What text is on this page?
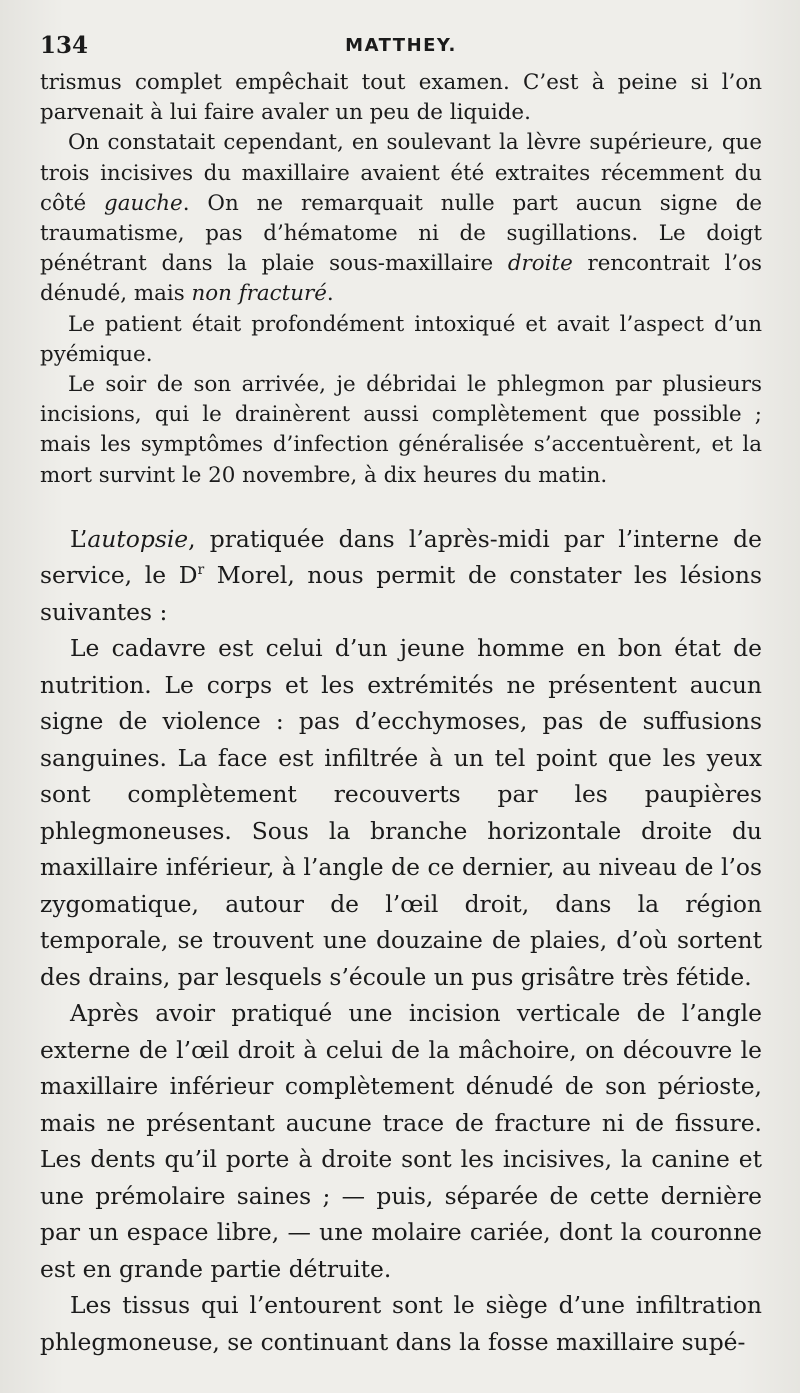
134	MATTHEY.

trismus complet empêchait tout examen. C’est à peine si l’on parvenait à lui faire avaler un peu de liquide.

On constatait cependant, en soulevant la lèvre supérieure, que trois incisives du maxillaire avaient été extraites récemment du côté gauche. On ne remarquait nulle part aucun signe de traumatisme, pas d’hématome ni de sugillations. Le doigt pénétrant dans la plaie sous-maxillaire droite rencontrait l’os dénudé, mais non fracturé.

Le patient était profondément intoxiqué et avait l’aspect d’un pyémique.

Le soir de son arrivée, je débridai le phlegmon par plusieurs incisions, qui le drainèrent aussi complètement que possible ; mais les symptômes d’infection généralisée s’accentuèrent, et la mort survint le 20 novembre, à dix heures du matin.

L’autopsie, pratiquée dans l’après-midi par l’interne de service, le $D^r$ Morel, nous permit de constater les lésions suivantes :

Le cadavre est celui d’un jeune homme en bon état de nutrition. Le corps et les extrémités ne présentent aucun signe de violence : pas d’ecchymoses, pas de suffusions sanguines. La face est infiltrée à un tel point que les yeux sont complètement recouverts par les paupières phlegmoneuses. Sous la branche horizontale droite du maxillaire inférieur, à l’angle de ce dernier, au niveau de l’os zygomatique, autour de l’œil droit, dans la région temporale, se trouvent une douzaine de plaies, d’où sortent des drains, par lesquels s’écoule un pus grisâtre très fétide.

Après avoir pratiqué une incision verticale de l’angle externe de l’œil droit à celui de la mâchoire, on découvre le maxillaire inférieur complètement dénudé de son périoste, mais ne présentant aucune trace de fracture ni de fissure. Les dents qu’il porte à droite sont les incisives, la canine et une prémolaire saines ; — puis, séparée de cette dernière par un espace libre, — une molaire cariée, dont la couronne est en grande partie détruite.

Les tissus qui l’entourent sont le siège d’une infiltration phlegmoneuse, se continuant dans la fosse maxillaire supé-
